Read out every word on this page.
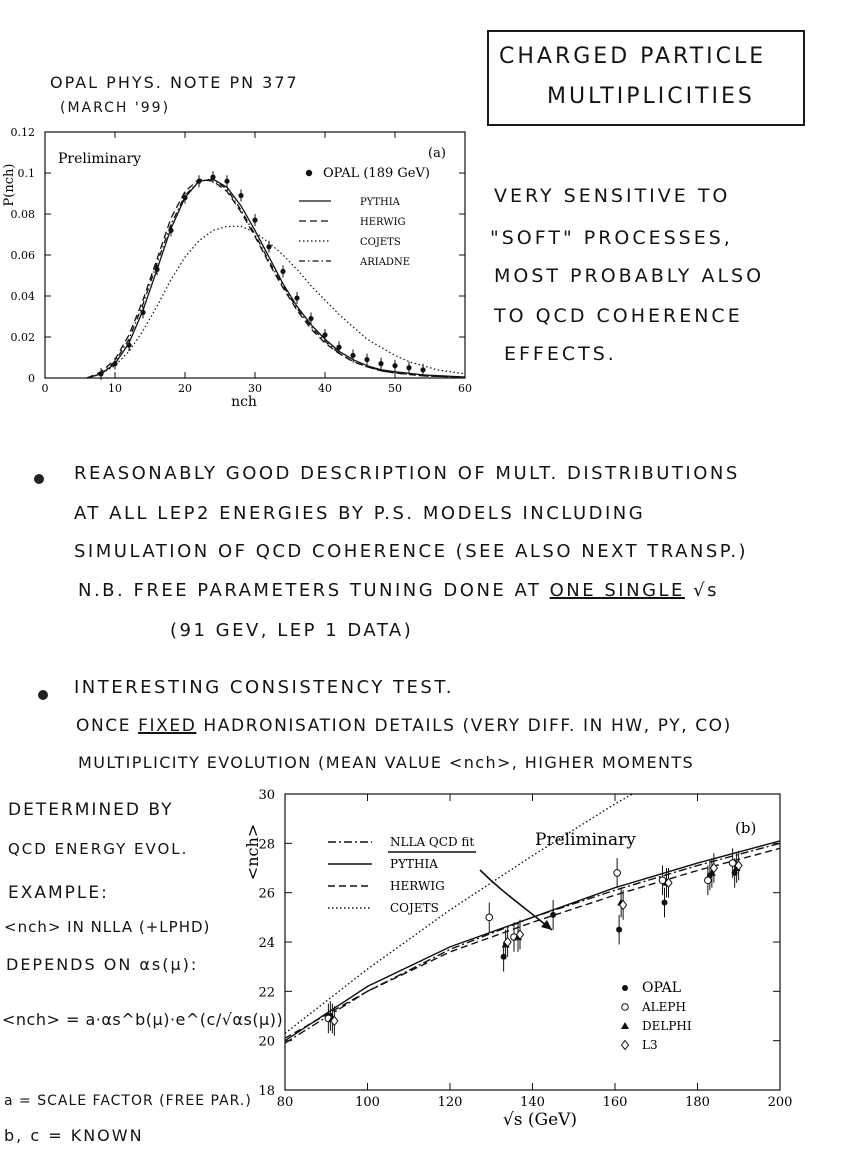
OPAL PHYS. NOTE PN 377
(MARCH '99)
CHARGED PARTICLE
MULTIPLICITIES
0	10	20	30	40	50	60
0
0.02
0.04
0.06
0.08
0.1
0.12
Preliminary	(a)
nch
P(nch)	OPAL (189 GeV)
PYTHIA
HERWIG
COJETS
ARIADNE
VERY SENSITIVE TO
"SOFT" PROCESSES,
MOST PROBABLY ALSO
TO QCD COHERENCE
EFFECTS.
REASONABLY GOOD DESCRIPTION OF MULT. DISTRIBUTIONS
AT ALL LEP2 ENERGIES BY P.S. MODELS INCLUDING
SIMULATION OF QCD COHERENCE (SEE ALSO NEXT TRANSP.)
N.B. FREE PARAMETERS TUNING DONE AT ONE SINGLE √s
(91 GEV, LEP 1 DATA)
INTERESTING CONSISTENCY TEST.
ONCE FIXED HADRONISATION DETAILS (VERY DIFF. IN HW, PY, CO)
MULTIPLICITY EVOLUTION (MEAN VALUE <nch>, HIGHER MOMENTS
DETERMINED BY
QCD ENERGY EVOL.
EXAMPLE:
<nch> IN NLLA (+LPHD)
DEPENDS ON αs(μ):
<nch> = a·αs^b(μ)·e^(c/√αs(μ))
a = SCALE FACTOR (FREE PAR.)
b, c = KNOWN
80	100	120	140	160	180	200
18
20
22
24
26
28
30
Preliminary
(b)
√s (GeV)
<nch>	NLLA QCD fit
PYTHIA
HERWIG
COJETS
OPAL
ALEPH
DELPHI
L3
